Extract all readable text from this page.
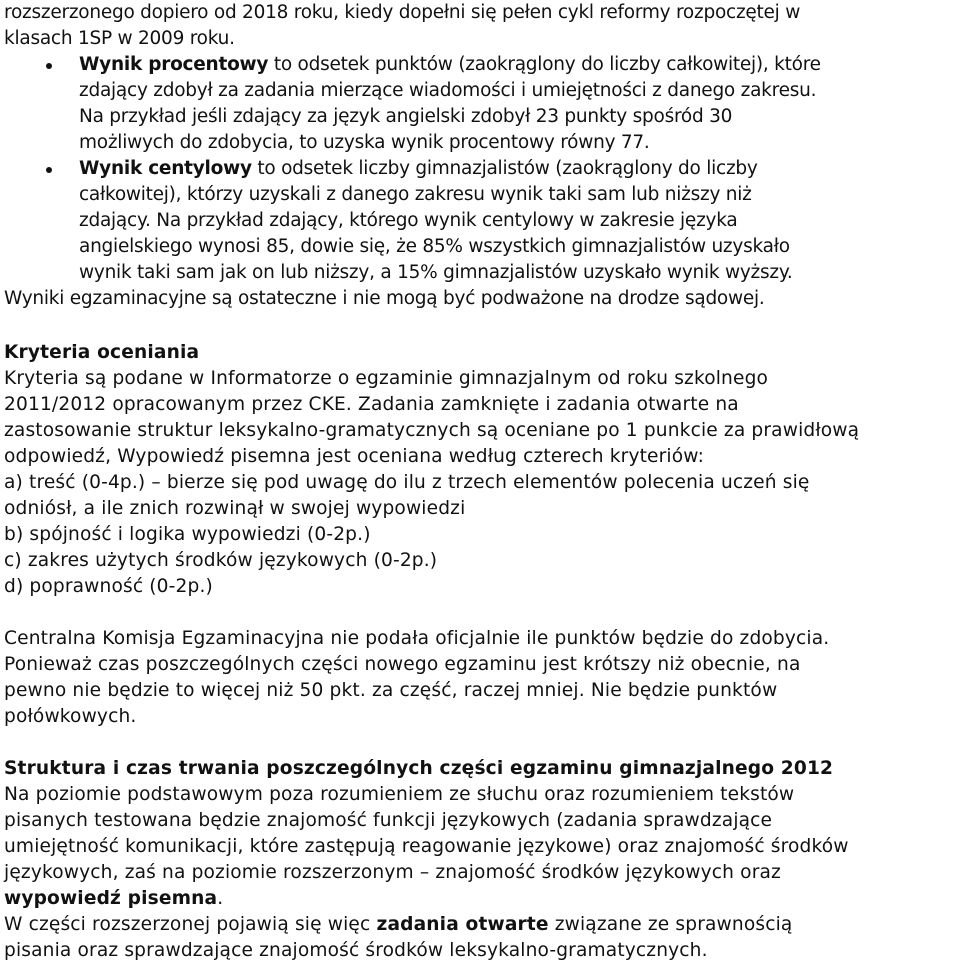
rozszerzonego dopiero od 2018 roku, kiedy dopełni się pełen cykl reformy rozpoczętej w
klasach 1SP w 2009 roku.
Wynik procentowy to odsetek punktów (zaokrąglony do liczby całkowitej), które
zdający zdobył za zadania mierzące wiadomości i umiejętności z danego zakresu.
Na przykład jeśli zdający za język angielski zdobył 23 punkty spośród 30
możliwych do zdobycia, to uzyska wynik procentowy równy 77.
Wynik centylowy to odsetek liczby gimnazjalistów (zaokrąglony do liczby
całkowitej), którzy uzyskali z danego zakresu wynik taki sam lub niższy niż
zdający. Na przykład zdający, którego wynik centylowy w zakresie języka
angielskiego wynosi 85, dowie się, że 85% wszystkich gimnazjalistów uzyskało
wynik taki sam jak on lub niższy, a 15% gimnazjalistów uzyskało wynik wyższy.
Wyniki egzaminacyjne są ostateczne i nie mogą być podważone na drodze sądowej.
Kryteria oceniania
Kryteria są podane w Informatorze o egzaminie gimnazjalnym od roku szkolnego
2011/2012 opracowanym przez CKE. Zadania zamknięte i zadania otwarte na
zastosowanie struktur leksykalno-gramatycznych są oceniane po 1 punkcie za prawidłową
odpowiedź, Wypowiedź pisemna jest oceniana według czterech kryteriów:
a) treść (0-4p.) – bierze się pod uwagę do ilu z trzech elementów polecenia uczeń się
odniósł, a ile znich rozwinął w swojej wypowiedzi
b) spójność i logika wypowiedzi (0-2p.)
c) zakres użytych środków językowych (0-2p.)
d) poprawność (0-2p.)
Centralna Komisja Egzaminacyjna nie podała oficjalnie ile punktów będzie do zdobycia.
Ponieważ czas poszczególnych części nowego egzaminu jest krótszy niż obecnie, na
pewno nie będzie to więcej niż 50 pkt. za część, raczej mniej. Nie będzie punktów
połówkowych.
Struktura i czas trwania poszczególnych części egzaminu gimnazjalnego 2012
Na poziomie podstawowym poza rozumieniem ze słuchu oraz rozumieniem tekstów
pisanych testowana będzie znajomość funkcji językowych (zadania sprawdzające
umiejętność komunikacji, które zastępują reagowanie językowe) oraz znajomość środków
językowych, zaś na poziomie rozszerzonym – znajomość środków językowych oraz
wypowiedź pisemna.
W części rozszerzonej pojawią się więc zadania otwarte związane ze sprawnością
pisania oraz sprawdzające znajomość środków leksykalno-gramatycznych.
